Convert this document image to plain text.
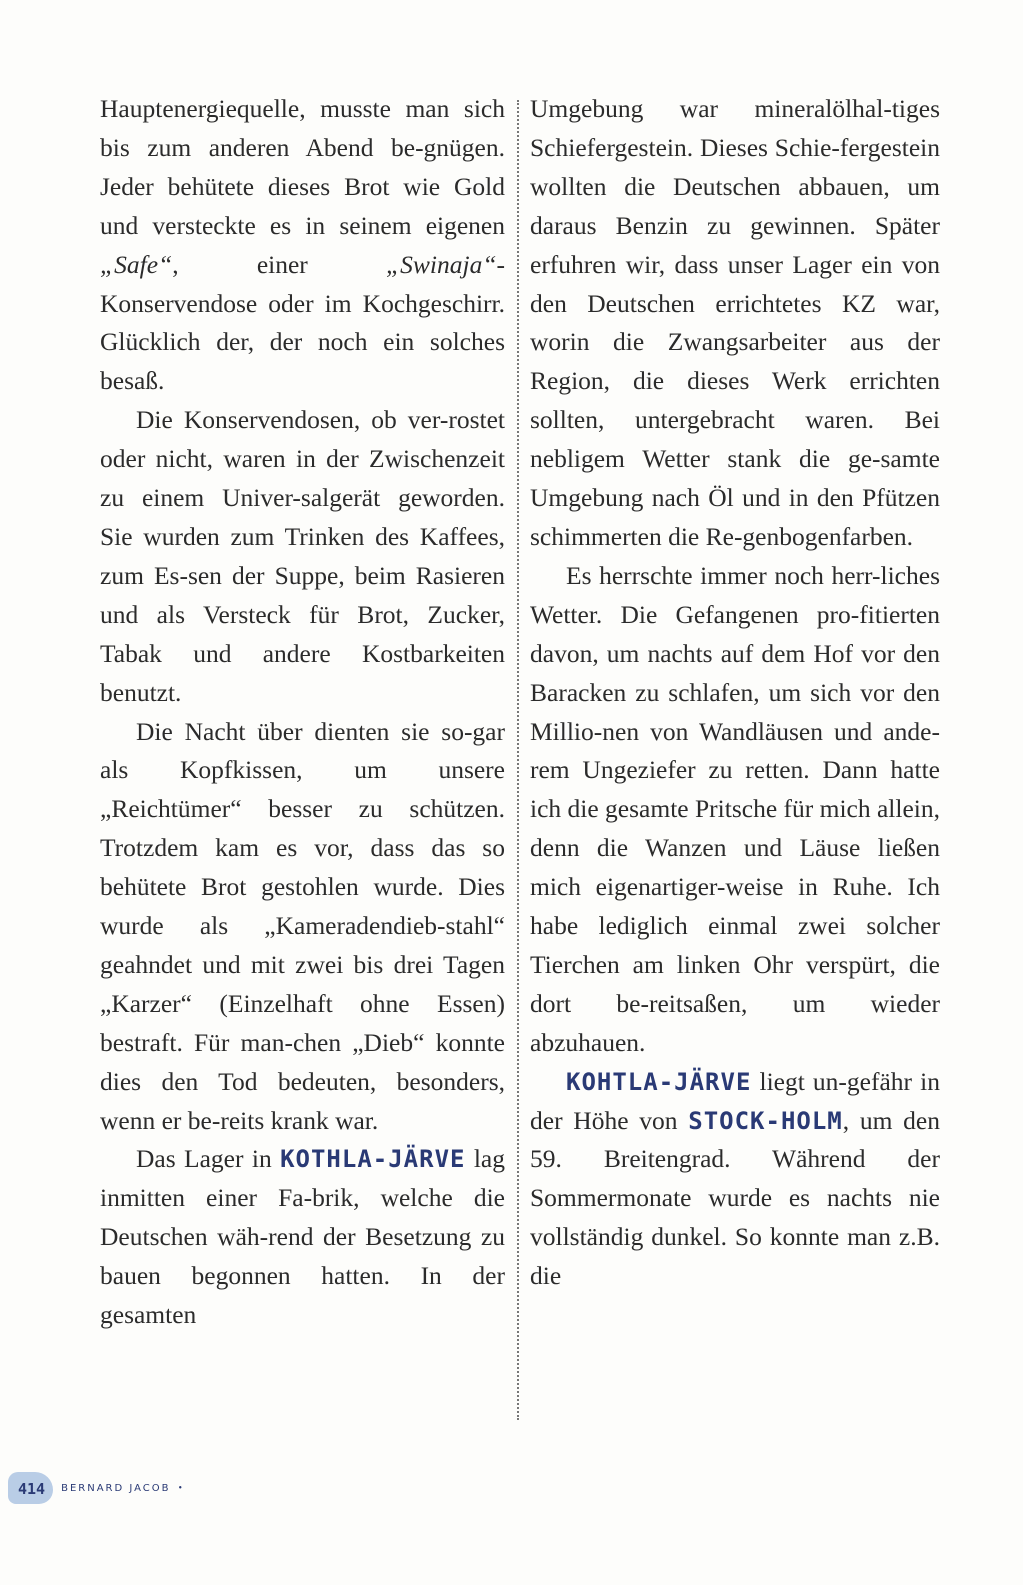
Hauptenergiequelle, musste man sich bis zum anderen Abend be-gnügen. Jeder behütete dieses Brot wie Gold und versteckte es in seinem eigenen „Safe“, einer „Swinaja“-Konservendose oder im Kochgeschirr. Glücklich der, der noch ein solches besaß.

Die Konservendosen, ob ver-rostet oder nicht, waren in der Zwischenzeit zu einem Univer-salgerät geworden. Sie wurden zum Trinken des Kaffees, zum Es-sen der Suppe, beim Rasieren und als Versteck für Brot, Zucker, Tabak und andere Kostbarkeiten benutzt.

Die Nacht über dienten sie so-gar als Kopfkissen, um unsere „Reichtümer“ besser zu schützen. Trotzdem kam es vor, dass das so behütete Brot gestohlen wurde. Dies wurde als „Kameradendieb-stahl“ geahndet und mit zwei bis drei Tagen „Karzer“ (Einzelhaft ohne Essen) bestraft. Für man-chen „Dieb“ konnte dies den Tod bedeuten, besonders, wenn er be-reits krank war.

Das Lager in KOTHLA-JÄRVE lag inmitten einer Fa-brik, welche die Deutschen wäh-rend der Besetzung zu bauen begonnen hatten. In der gesamten

Umgebung war mineralölhal-tiges Schiefergestein. Dieses Schie-fergestein wollten die Deutschen abbauen, um daraus Benzin zu gewinnen. Später erfuhren wir, dass unser Lager ein von den Deutschen errichtetes KZ war, worin die Zwangsarbeiter aus der Region, die dieses Werk errichten sollten, untergebracht waren. Bei nebligem Wetter stank die ge-samte Umgebung nach Öl und in den Pfützen schimmerten die Re-genbogenfarben.

Es herrschte immer noch herr-liches Wetter. Die Gefangenen pro-fitierten davon, um nachts auf dem Hof vor den Baracken zu schlafen, um sich vor den Millio-nen von Wandläusen und ande-rem Ungeziefer zu retten. Dann hatte ich die gesamte Pritsche für mich allein, denn die Wanzen und Läuse ließen mich eigenartiger-weise in Ruhe. Ich habe lediglich einmal zwei solcher Tierchen am linken Ohr verspürt, die dort be-reitsaßen, um wieder abzuhauen.

KOHTLA-JÄRVE liegt un-gefähr in der Höhe von STOCK-HOLM, um den 59. Breitengrad. Während der Sommermonate wurde es nachts nie vollständig dunkel. So konnte man z.B. die

414	BERNARD JACOB •
